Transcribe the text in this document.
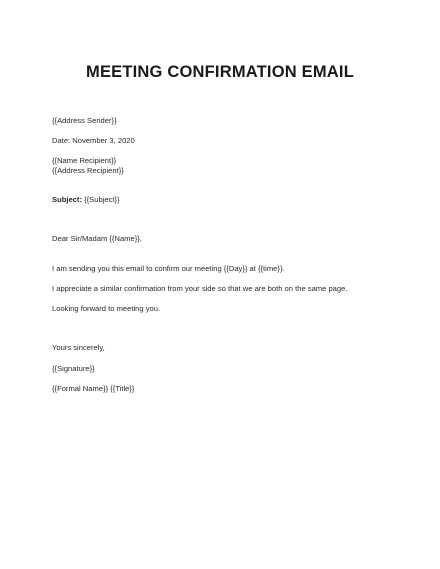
MEETING CONFIRMATION EMAIL
{{Address Sender}}
Date: November 3, 2020
{{Name Recipient}}
{{Address Recipient}}
Subject: {{Subject}}
Dear Sir/Madam {{Name}},
I am sending you this email to confirm our meeting {{Day}} at {{time}}.
I appreciate a similar confirmation from your side so that we are both on the same page.
Looking forward to meeting you.
Yours sincerely,
{{Signature}}
{{Formal Name}} {{Title}}
